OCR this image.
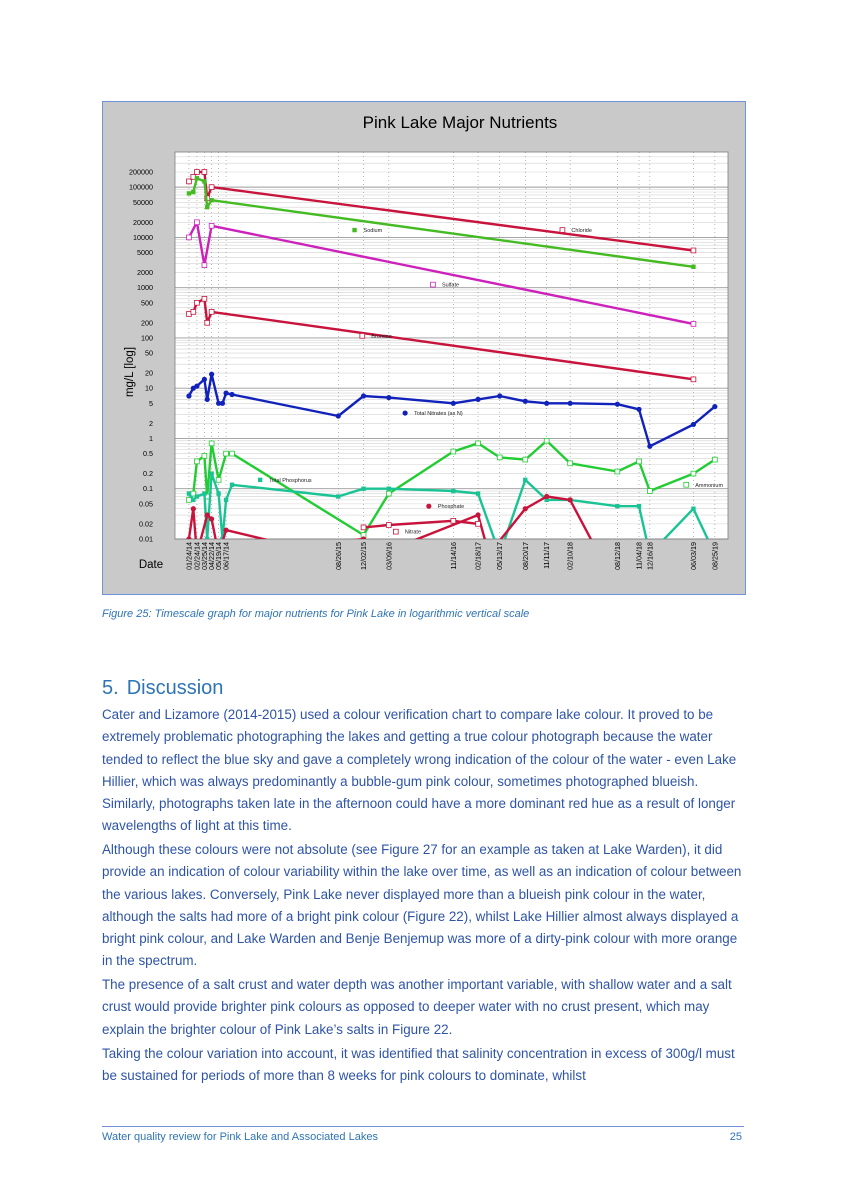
0.01
0.02
0.05
0.1
0.2
0.5
1
2
5
10
20
50
100
200
500
1000
2000
5000
10000
20000
50000
100000
200000
01/24/14
02/24/14
03/25/14
04/22/14
05/19/14
06/17/14	08/26/15 12/02/15 03/09/16	11/14/16 02/18/17 05/13/17 08/20/17 11/11/17 02/10/18	08/12/18 11/04/18 12/16/18	06/03/19 08/25/19
Pink Lake Major Nutrients
mg/L [log]
Date
Sodium	Chloride
Sulfate
Bromine
Total Nitrates (as N)
Total Phosphorus
Ammonium
Phosphate
Nitrate
Figure 25: Timescale graph for major nutrients for Pink Lake in logarithmic vertical scale
5. Discussion

Cater and Lizamore (2014-2015) used a colour verification chart to compare lake colour. It proved to be extremely problematic photographing the lakes and getting a true colour photograph because the water tended to reflect the blue sky and gave a completely wrong indication of the colour of the water - even Lake Hillier, which was always predominantly a bubble-gum pink colour, sometimes photographed blueish. Similarly, photographs taken late in the afternoon could have a more dominant red hue as a result of longer wavelengths of light at this time.

Although these colours were not absolute (see Figure 27 for an example as taken at Lake Warden), it did provide an indication of colour variability within the lake over time, as well as an indication of colour between the various lakes. Conversely, Pink Lake never displayed more than a blueish pink colour in the water, although the salts had more of a bright pink colour (Figure 22), whilst Lake Hillier almost always displayed a bright pink colour, and Lake Warden and Benje Benjemup was more of a dirty-pink colour with more orange in the spectrum.

The presence of a salt crust and water depth was another important variable, with shallow water and a salt crust would provide brighter pink colours as opposed to deeper water with no crust present, which may explain the brighter colour of Pink Lake’s salts in Figure 22.

Taking the colour variation into account, it was identified that salinity concentration in excess of 300g/l must be sustained for periods of more than 8 weeks for pink colours to dominate, whilst

Water quality review for Pink Lake and Associated Lakes	25
